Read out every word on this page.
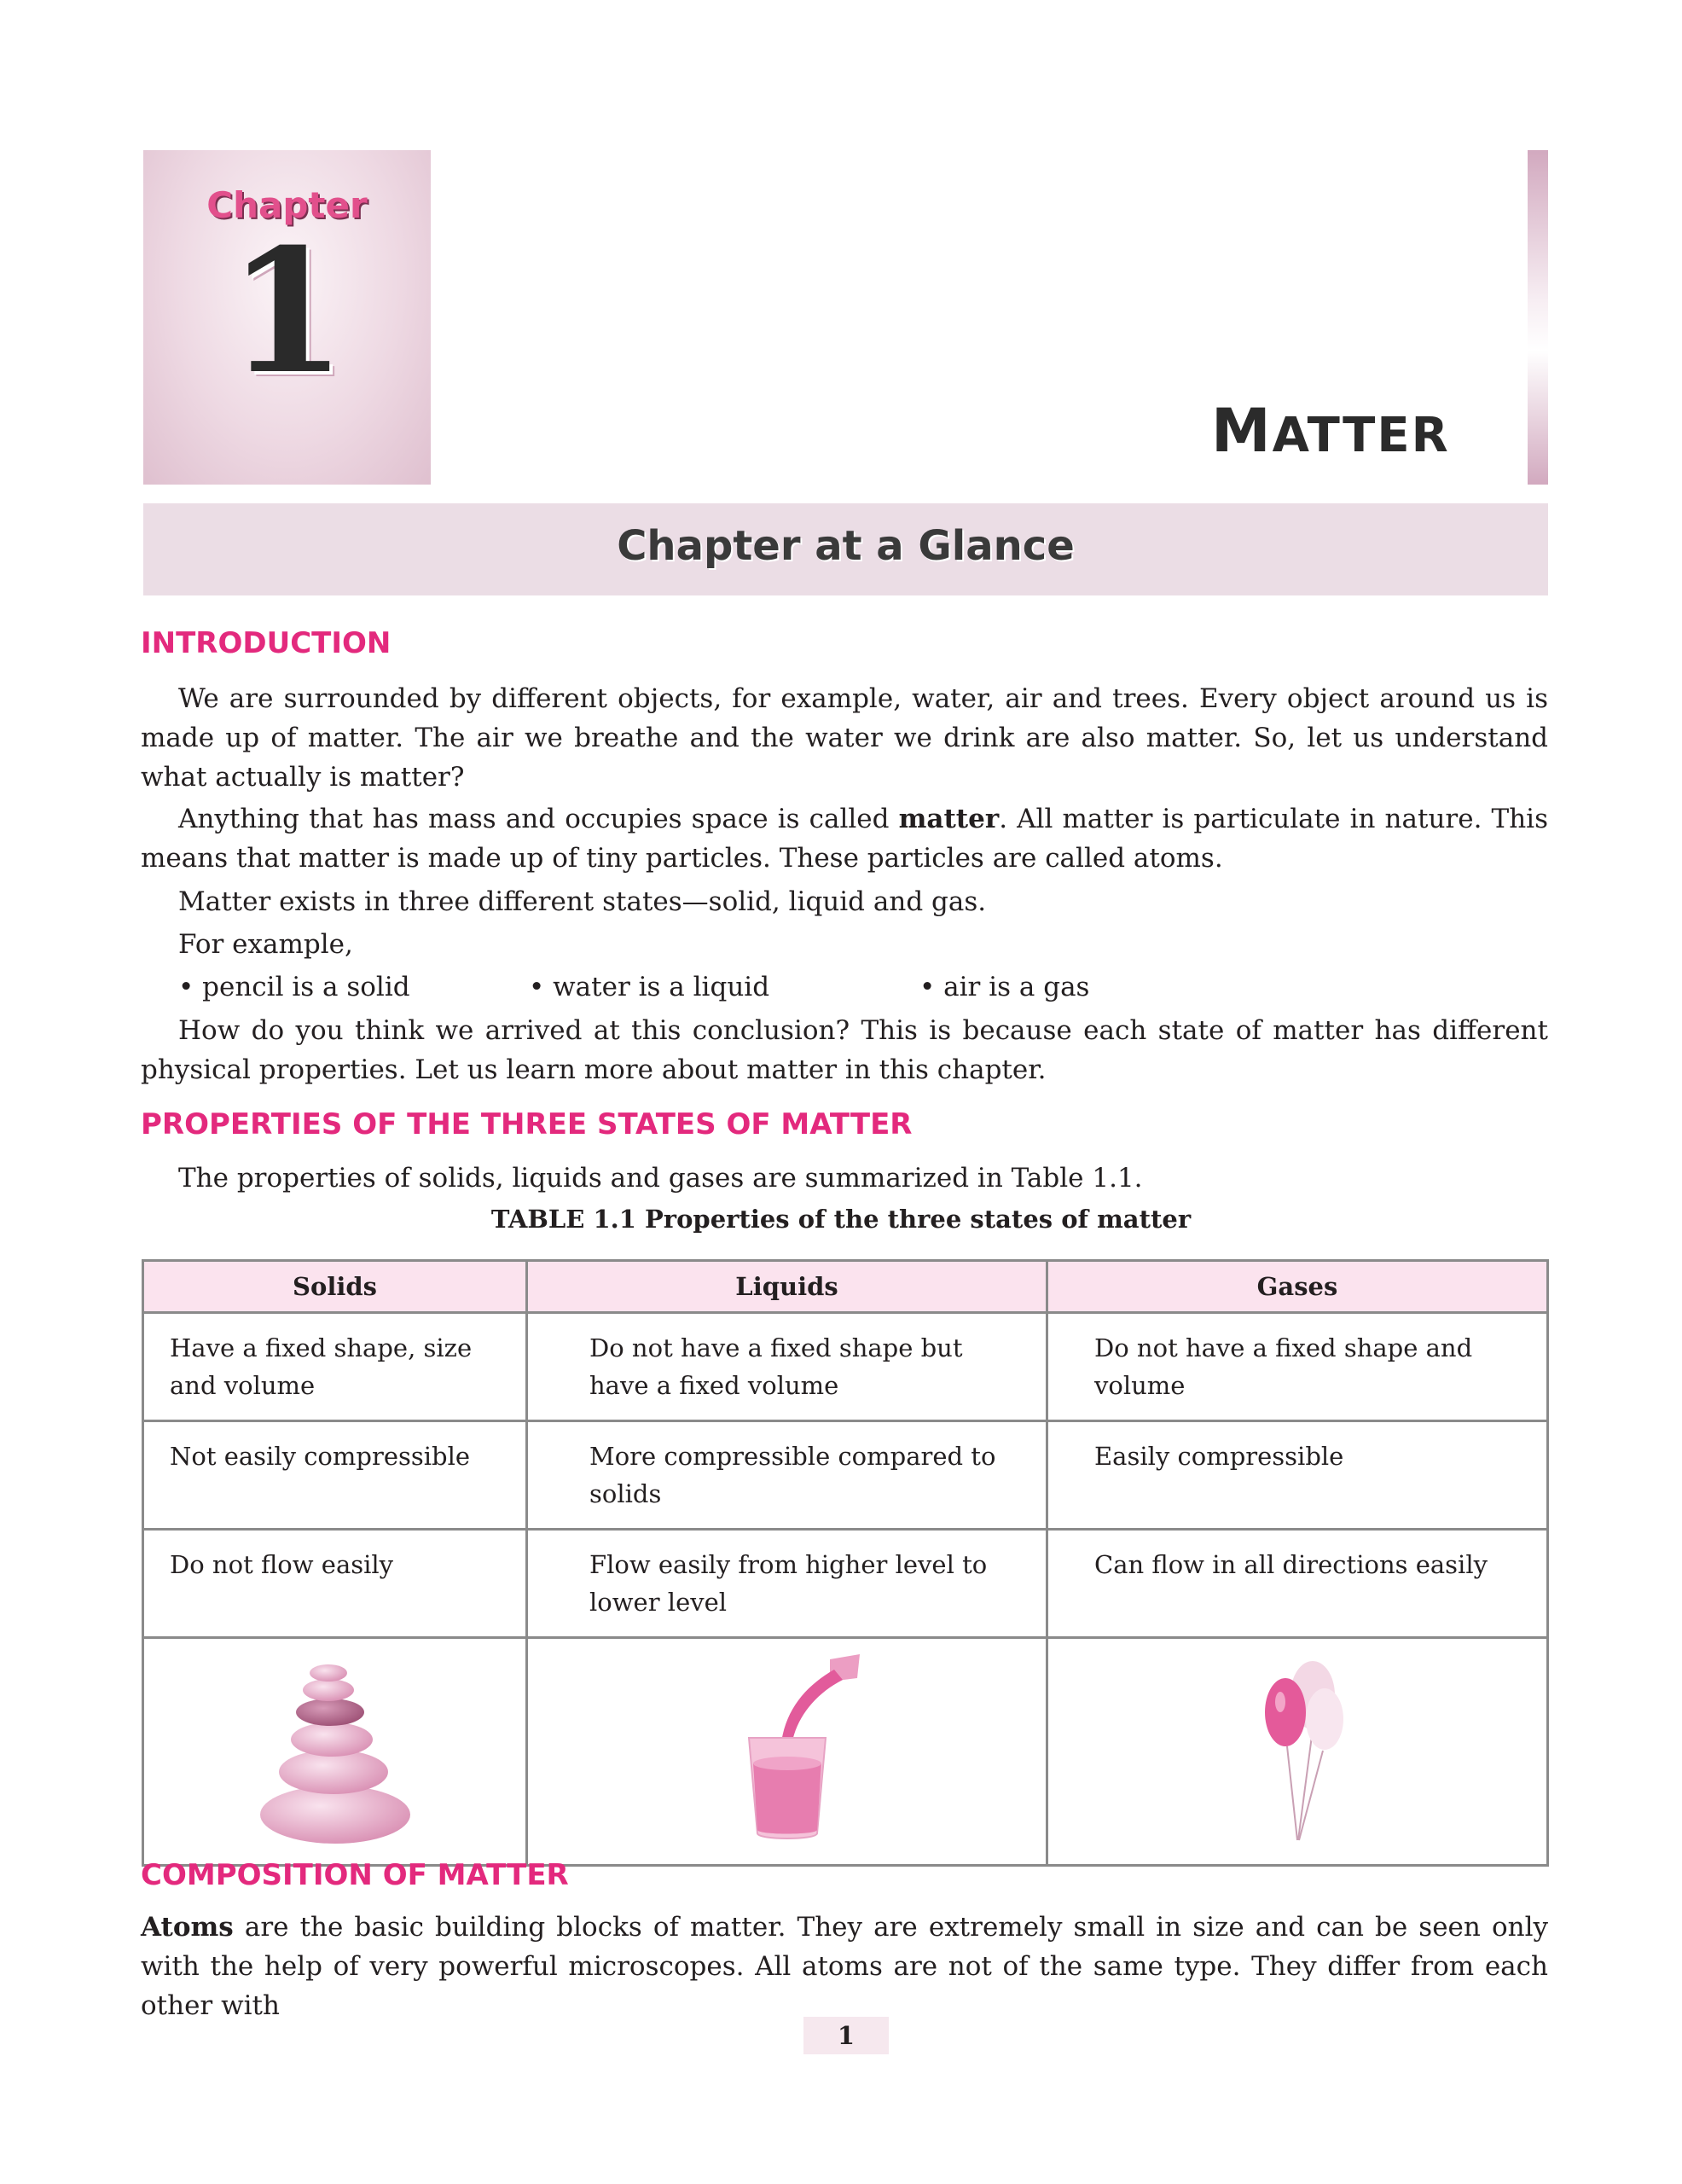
Chapter
1
MATTER
Chapter at a Glance
INTRODUCTION

We are surrounded by different objects, for example, water, air and trees. Every object around us is made up of matter. The air we breathe and the water we drink are also matter. So, let us understand what actually is matter?

Anything that has mass and occupies space is called matter. All matter is particulate in nature. This means that matter is made up of tiny particles. These particles are called atoms.

Matter exists in three different states—solid, liquid and gas.
For example,
• pencil is a solid	• water is a liquid	• air is a gas

How do you think we arrived at this conclusion? This is because each state of matter has different physical properties. Let us learn more about matter in this chapter.

PROPERTIES OF THE THREE STATES OF MATTER
The properties of solids, liquids and gases are summarized in Table 1.1.
TABLE 1.1 Properties of the three states of matter
Solids	Liquids	Gases
Have a fixed shape, size and volume	Do not have a fixed shape but have a fixed volume	Do not have a fixed shape and volume
Not easily compressible	More compressible compared to solids	Easily compressible
Do not flow easily	Flow easily from higher level to lower level	Can flow in all directions easily

COMPOSITION OF MATTER

Atoms are the basic building blocks of matter. They are extremely small in size and can be seen only with the help of very powerful microscopes. All atoms are not of the same type. They differ from each other with

1
